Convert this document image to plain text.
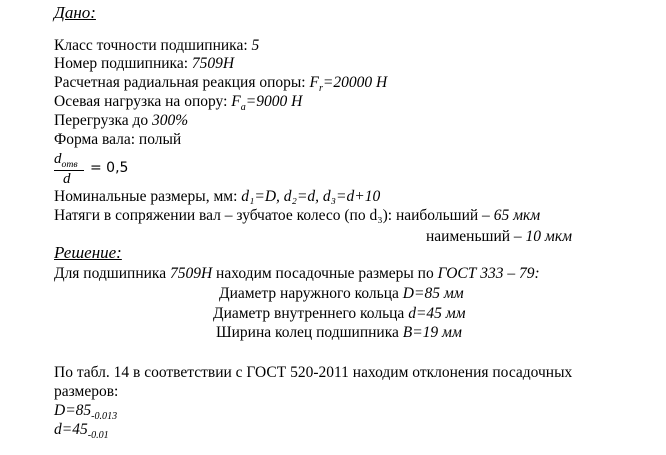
Дано:
Класс точности подшипника: 5
Номер подшипника: 7509Н
Расчетная радиальная реакция опоры: $F_r=20000$ Н
Осевая нагрузка на опору: $F_a=9000$ Н
Перегрузка до 300%
Форма вала: полый
$d_{отв}$
d
= 0,5
Номинальные размеры, мм: d₁=D, d₂=d, d₃=d+10
Натяги в сопряжении вал – зубчатое колесо (по d₃): наибольший – 65 мкм
наименьший – 10 мкм
Решение:
Для подшипника 7509Н находим посадочные размеры по ГОСТ 333 – 79:
Диаметр наружного кольца D=85 мм
Диаметр внутреннего кольца d=45 мм
Ширина колец подшипника B=19 мм
По табл. 14 в соответствии с ГОСТ 520-2011 находим отклонения посадочных
размеров:
$D=85_{-0.013}$
$d=45_{-0.01}$
